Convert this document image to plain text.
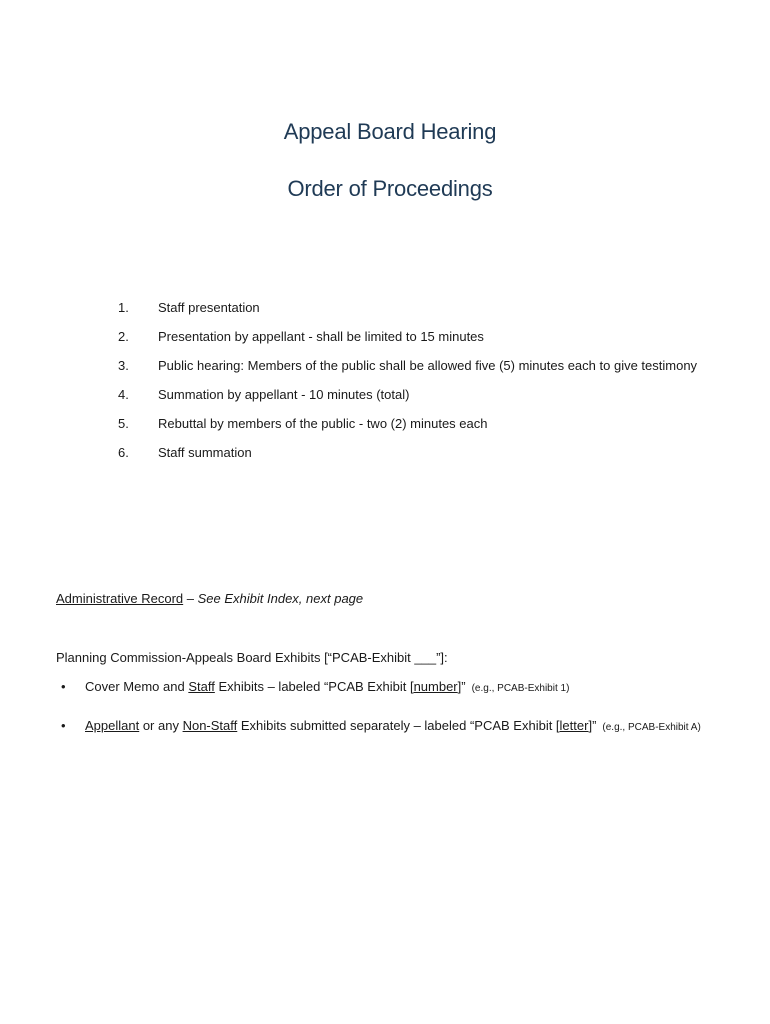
Appeal Board Hearing
Order of Proceedings
1. Staff presentation
2. Presentation by appellant - shall be limited to 15 minutes
3. Public hearing: Members of the public shall be allowed five (5) minutes each to give testimony
4. Summation by appellant - 10 minutes (total)
5. Rebuttal by members of the public - two (2) minutes each
6. Staff summation
Administrative Record – See Exhibit Index, next page
Planning Commission-Appeals Board Exhibits [“PCAB-Exhibit ___”]:
• Cover Memo and Staff Exhibits – labeled “PCAB Exhibit [number]” (e.g., PCAB-Exhibit 1)
• Appellant or any Non-Staff Exhibits submitted separately – labeled “PCAB Exhibit [letter]” (e.g., PCAB-Exhibit A)
